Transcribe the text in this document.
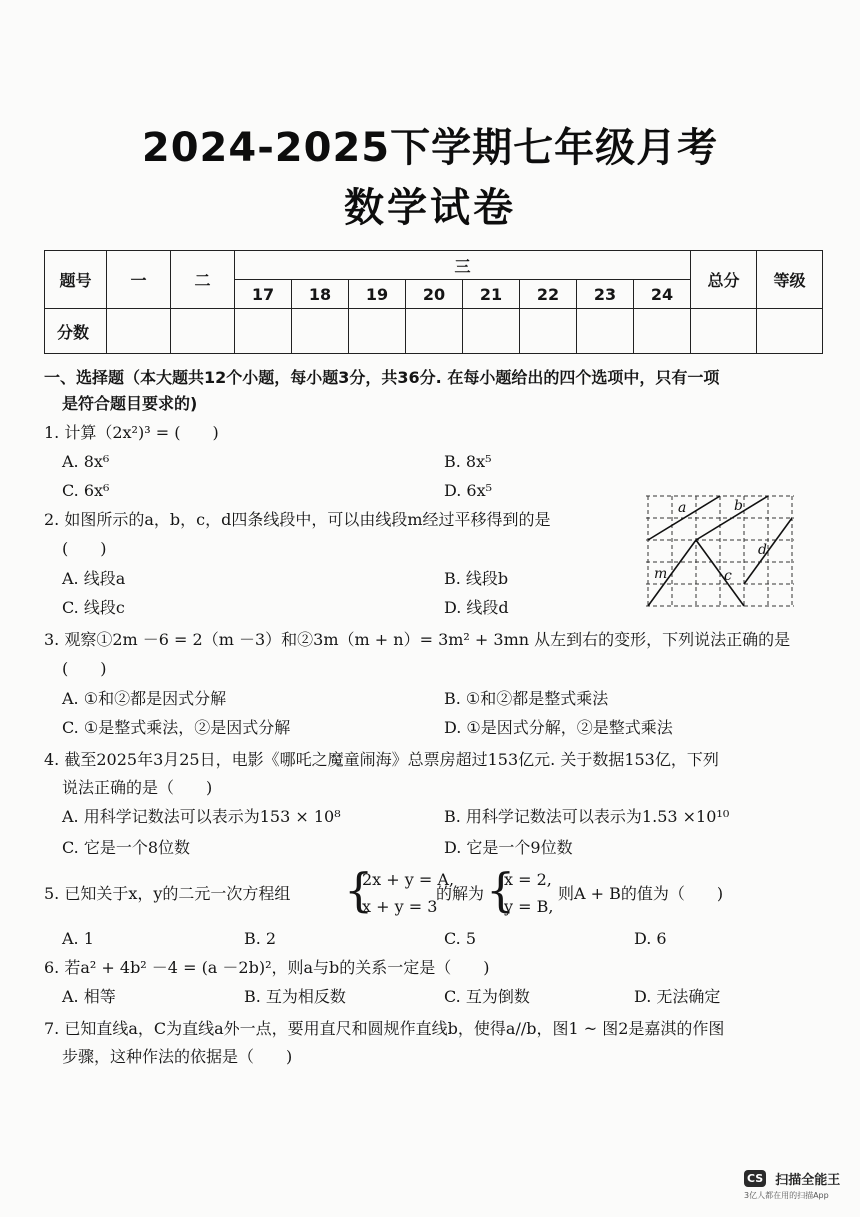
2024-2025下学期七年级月考
数学试卷
题号	一	二	三								总分	等级
			17	18	19	20	21	22	23	24		
分数												
一、选择题（本大题共12个小题，每小题3分，共36分. 在每小题给出的四个选项中，只有一项
是符合题目要求的)
1. 计算（2x²)³ = (　　)
A. 8x⁶	B. 8x⁵
C. 6x⁶	D. 6x⁵
2. 如图所示的a，b，c，d四条线段中，可以由线段m经过平移得到的是
(　　)
A. 线段a	B. 线段b
C. 线段c	D. 线段d
a	b
d
m	c
3. 观察①2m －6 = 2（m －3）和②3m（m + n）= 3m² + 3mn 从左到右的变形，下列说法正确的是
(　　)
A. ①和②都是因式分解	B. ①和②都是整式乘法
C. ①是整式乘法，②是因式分解	D. ①是因式分解，②是整式乘法
4. 截至2025年3月25日，电影《哪吒之魔童闹海》总票房超过153亿元. 关于数据153亿，下列
说法正确的是（　　)
A. 用科学记数法可以表示为153 × 10⁸	B. 用科学记数法可以表示为1.53 ×10¹⁰
C. 它是一个8位数	D. 它是一个9位数
5. 已知关于x，y的二元一次方程组 {
2x + y = A,
x + y = 3
的解为 {
x = 2,
y = B,
则A + B的值为（　　)
A. 1	B. 2	C. 5	D. 6
6. 若a² + 4b² －4 = (a －2b)²，则a与b的关系一定是（　　)
A. 相等	B. 互为相反数	C. 互为倒数	D. 无法确定
7. 已知直线a，C为直线a外一点，要用直尺和圆规作直线b，使得a//b，图1 ~ 图2是嘉淇的作图
步骤，这种作法的依据是（　　)
CS 扫描全能王
3亿人都在用的扫描App
